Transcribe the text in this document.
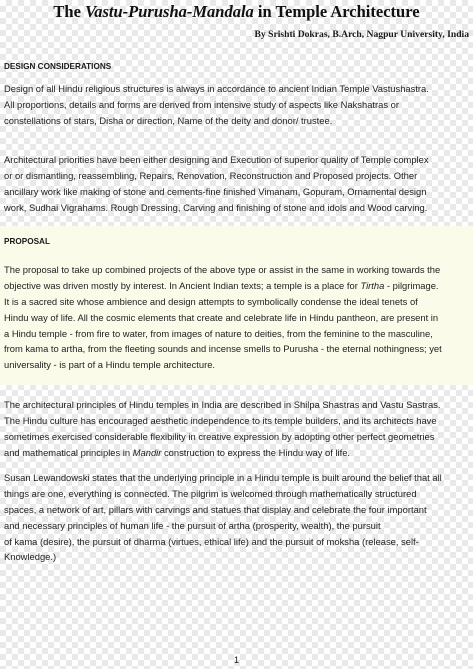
The Vastu-Purusha-Mandala in Temple Architecture
By Srishti Dokras, B.Arch, Nagpur University, India
DESIGN CONSIDERATIONS
Design of all Hindu religious structures is always in accordance to ancient Indian Temple Vastushastra.
All proportions, details and forms are derived from intensive study of aspects like Nakshatras or
constellations of stars, Disha or direction, Name of the deity and donor/ trustee.
Architectural priorities have been either designing and Execution of superior quality of Temple complex
or or dismantling, reassembling, Repairs, Renovation, Reconstruction and Proposed projects. Other
ancillary work like making of stone and cements-fine finished Vimanam, Gopuram, Ornamental design
work, Sudhai Vigrahams. Rough Dressing, Carving and finishing of stone and idols and Wood carving.
PROPOSAL
The proposal to take up combined projects of the above type or assist in the same in working towards the
objective was driven mostly by interest. In Ancient Indian texts; a temple is a place for Tirtha - pilgrimage.
It is a sacred site whose ambience and design attempts to symbolically condense the ideal tenets of
Hindu way of life. All the cosmic elements that create and celebrate life in Hindu pantheon, are present in
a Hindu temple - from fire to water, from images of nature to deities, from the feminine to the masculine,
from kama to artha, from the fleeting sounds and incense smells to Purusha - the eternal nothingness; yet
universality - is part of a Hindu temple architecture.
The architectural principles of Hindu temples in India are described in Shilpa Shastras and Vastu Sastras.
The Hindu culture has encouraged aesthetic independence to its temple builders, and its architects have
sometimes exercised considerable flexibility in creative expression by adopting other perfect geometries
and mathematical principles in Mandir construction to express the Hindu way of life.
Susan Lewandowski states that the underlying principle in a Hindu temple is built around the belief that all
things are one, everything is connected. The pilgrim is welcomed through mathematically structured
spaces, a network of art, pillars with carvings and statues that display and celebrate the four important
and necessary principles of human life - the pursuit of artha (prosperity, wealth), the pursuit
of kama (desire), the pursuit of dharma (virtues, ethical life) and the pursuit of moksha (release, self-
Knowledge.)
1
